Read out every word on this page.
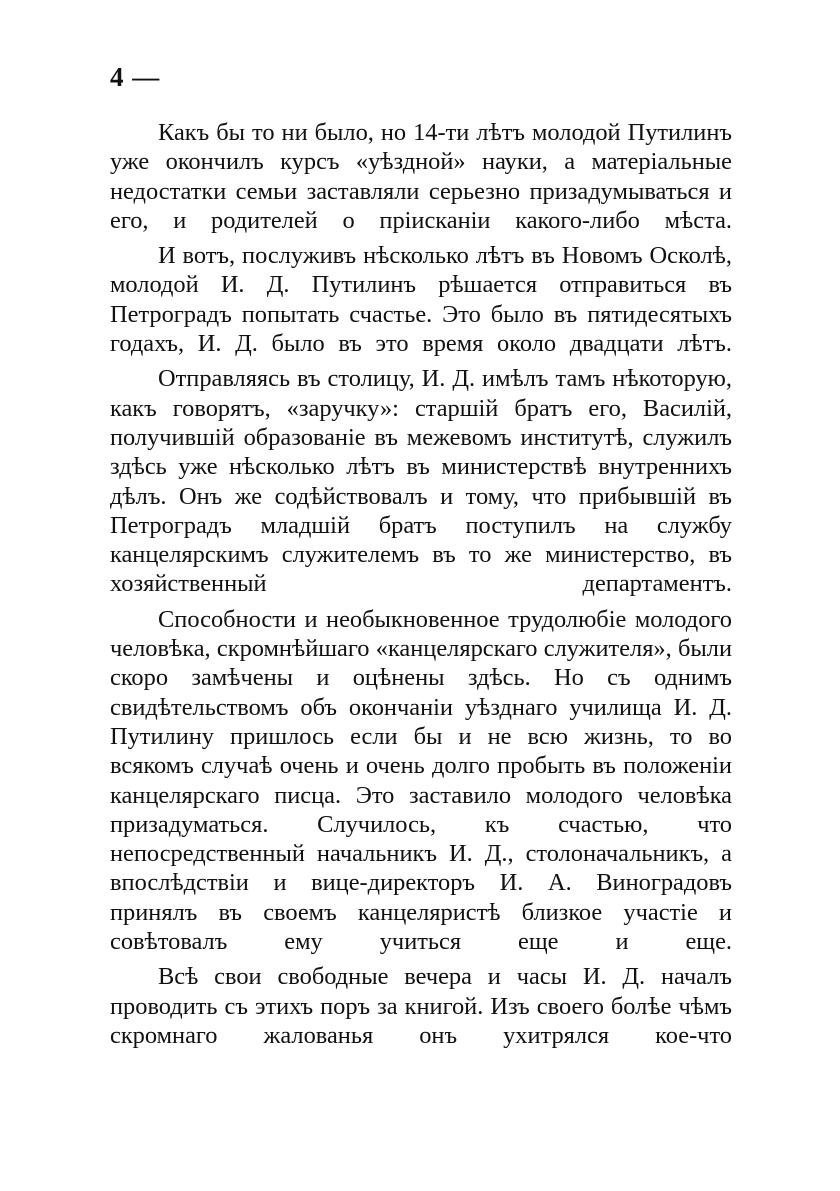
4 —

Какъ бы то ни было, но 14-ти лѣтъ молодой Путилинъ уже окончилъ курсъ «уѣздной» науки, а матеріальные недостатки семьи заставляли серьезно призадумываться и его, и родителей о прiисканiи какого-либо мѣста.

И вотъ, послуживъ нѣсколько лѣтъ въ Новомъ Осколѣ, молодой И. Д. Путилинъ рѣшается отправиться въ Петроградъ попытать счастье. Это было въ пятидесятыхъ годахъ, И. Д. было въ это время около двадцати лѣтъ.

Отправляясь въ столицу, И. Д. имѣлъ тамъ нѣкоторую, какъ говорятъ, «заручку»: старшiй братъ его, Василiй, получившiй образованiе въ межевомъ институтѣ, служилъ здѣсь уже нѣсколько лѣтъ въ министерствѣ внутреннихъ дѣлъ. Онъ же содѣйствовалъ и тому, что прибывшiй въ Петроградъ младшiй братъ поступилъ на службу канцелярскимъ служителемъ въ то же министерство, въ хозяйственный департаментъ.

Способности и необыкновенное трудолюбiе молодого человѣка, скромнѣйшаго «канцелярскаго служителя», были скоро замѣчены и оцѣнены здѣсь. Но съ однимъ свидѣтельствомъ объ окончанiи уѣзднаго училища И. Д. Путилину пришлось если бы и не всю жизнь, то во всякомъ случаѣ очень и очень долго пробыть въ положенiи канцелярскаго писца. Это заставило молодого человѣка призадуматься. Случилось, къ счастью, что непосредственный начальникъ И. Д., столоначальникъ, а впослѣдствiи и вице-директоръ И. А. Виноградовъ принялъ въ своемъ канцеляристѣ близкое участiе и совѣтовалъ ему учиться еще и еще.

Всѣ свои свободные вечера и часы И. Д. началъ проводить съ этихъ поръ за книгой. Изъ своего болѣе чѣмъ скромнаго жалованья онъ ухитрялся кое-что
